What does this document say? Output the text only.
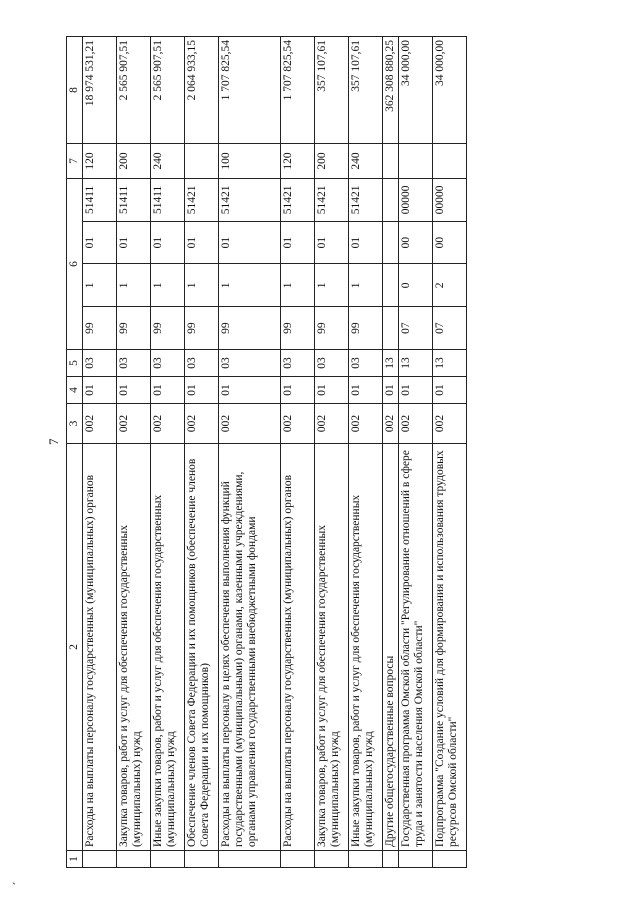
7
`
1	2	3	4	5	6				7	8
	Расходы на выплаты персоналу государственных (муниципальных) органов	002	01	03	99	1	01	51411	120	18 974 531,21
	Закупка товаров, работ и услуг для обеспечения государственных (муниципальных) нужд	002	01	03	99	1	01	51411	200	2 565 907,51
	Иные закупки товаров, работ и услуг для обеспечения государственных (муниципальных) нужд	002	01	03	99	1	01	51411	240	2 565 907,51
	Обеспечение членов Совета Федерации и их помощников (обеспечение членов Совета Федерации и их помощников)	002	01	03	99	1	01	51421		2 064 933,15
	Расходы на выплаты персоналу в целях обеспечения выполнения функций государственными (муниципальными) органами, казенными учреждениями, органами управления государственными внебюджетными фондами	002	01	03	99	1	01	51421	100	1 707 825,54
	Расходы на выплаты персоналу государственных (муниципальных) органов	002	01	03	99	1	01	51421	120	1 707 825,54
	Закупка товаров, работ и услуг для обеспечения государственных (муниципальных) нужд	002	01	03	99	1	01	51421	200	357 107,61
	Иные закупки товаров, работ и услуг для обеспечения государственных (муниципальных) нужд	002	01	03	99	1	01	51421	240	357 107,61
	Другие общегосударственные вопросы	002	01	13						362 308 880,25
	Государственная программа Омской области "Регулирование отношений в сфере труда и занятости населения Омской области"	002	01	13	07	0	00	00000		34 000,00
	Подпрограмма "Создание условий для формирования и использования трудовых ресурсов Омской области"	002	01	13	07	2	00	00000		34 000,00
